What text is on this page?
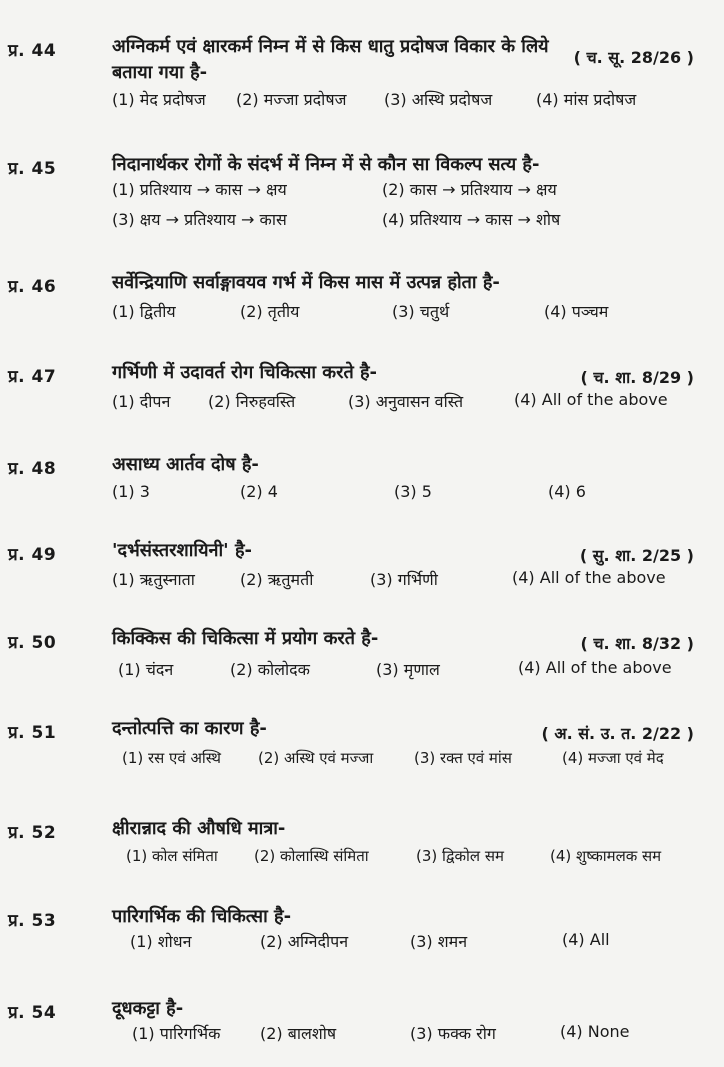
प्र. 44	अग्निकर्म एवं क्षारकर्म निम्न में से किस धातु प्रदोषज विकार के लिये
बताया गया है-
( च. सू. 28/26 )
(1) मेद प्रदोषज (2) मज्जा प्रदोषज (3) अस्थि प्रदोषज	(4) मांस प्रदोषज
प्र. 45	निदानार्थकर रोगों के संदर्भ में निम्न में से कौन सा विकल्प सत्य है-
(1) प्रतिश्याय → कास → क्षय	(2) कास → प्रतिश्याय → क्षय
(3) क्षय → प्रतिश्याय → कास	(4) प्रतिश्याय → कास → शोष
प्र. 46	सर्वेन्द्रियाणि सर्वाङ्गावयव गर्भ में किस मास में उत्पन्न होता है-
(1) द्वितीय	(2) तृतीय	(3) चतुर्थ	(4) पञ्चम
प्र. 47	गर्भिणी में उदावर्त रोग चिकित्सा करते है-	( च. शा. 8/29 )
(1) दीपन (2) निरुहवस्ति	(3) अनुवासन वस्ति	(4) All of the above
प्र. 48	असाध्य आर्तव दोष है-
(1) 3	(2) 4	(3) 5	(4) 6
प्र. 49	'दर्भसंस्तरशायिनी' है-	( सु. शा. 2/25 )
(1) ऋतुस्नाता	(2) ऋतुमती	(3) गर्भिणी	(4) All of the above
प्र. 50	किक्किस की चिकित्सा में प्रयोग करते है-	( च. शा. 8/32 )
(1) चंदन	(2) कोलोदक	(3) मृणाल	(4) All of the above
प्र. 51	दन्तोत्पत्ति का कारण है-	( अ. सं. उ. त. 2/22 )
(1) रस एवं अस्थि (2) अस्थि एवं मज्जा	(3) रक्त एवं मांस	(4) मज्जा एवं मेद
प्र. 52	क्षीरान्नाद की औषधि मात्रा-
(1) कोल संमिता (2) कोलास्थि संमिता	(3) द्विकोल सम	(4) शुष्कामलक सम
प्र. 53	पारिगर्भिक की चिकित्सा है-
(1) शोधन	(2) अग्निदीपन	(3) शमन	(4) All
प्र. 54	दूधकट्टा है-
(1) पारिगर्भिक (2) बालशोष	(3) फक्क रोग	(4) None
